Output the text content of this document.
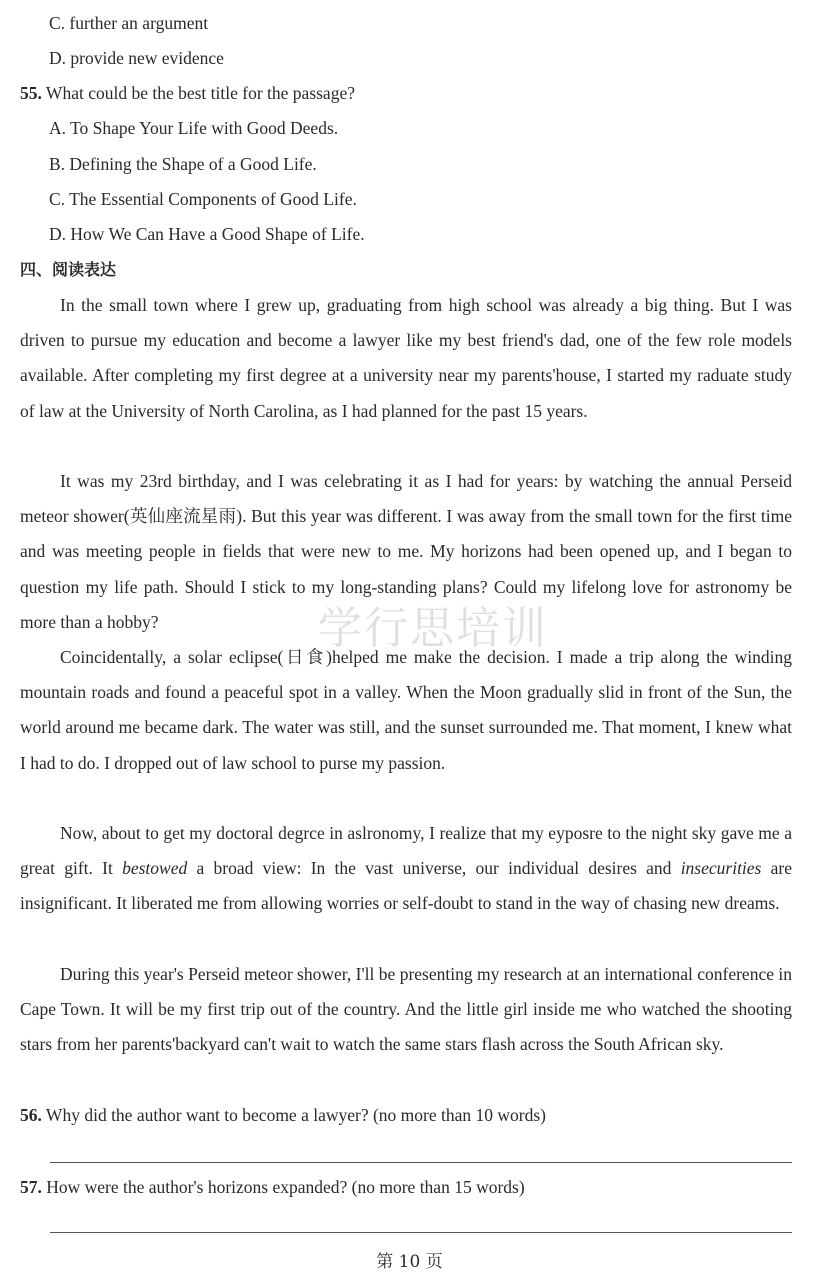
C. further an argument
D. provide new evidence
55. What could be the best title for the passage?
A. To Shape Your Life with Good Deeds.
B. Defining the Shape of a Good Life.
C. The Essential Components of Good Life.
D. How We Can Have a Good Shape of Life.
四、阅读表达

In the small town where I grew up, graduating from high school was already a big thing. But I was driven to pursue my education and become a lawyer like my best friend's dad, one of the few role models available. After completing my first degree at a university near my parents'house, I started my raduate study of law at the University of North Carolina, as I had planned for the past 15 years.

It was my 23rd birthday, and I was celebrating it as I had for years: by watching the annual Perseid meteor shower(英仙座流星雨). But this year was different. I was away from the small town for the first time and was meeting people in fields that were new to me. My horizons had been opened up, and I began to question my life path. Should I stick to my long-standing plans? Could my lifelong love for astronomy be more than a hobby?

Coincidentally, a solar eclipse(日食)helped me make the decision. I made a trip along the winding mountain roads and found a peaceful spot in a valley. When the Moon gradually slid in front of the Sun, the world around me became dark. The water was still, and the sunset surrounded me. That moment, I knew what I had to do. I dropped out of law school to purse my passion.

Now, about to get my doctoral degrce in aslronomy, I realize that my eyposre to the night sky gave me a great gift. It bestowed a broad view: In the vast universe, our individual desires and insecurities are insignificant. It liberated me from allowing worries or self-doubt to stand in the way of chasing new dreams.

During this year's Perseid meteor shower, I'll be presenting my research at an international conference in Cape Town. It will be my first trip out of the country. And the little girl inside me who watched the shooting stars from her parents'backyard can't wait to watch the same stars flash across the South African sky.

56. Why did the author want to become a lawyer? (no more than 10 words)
57. How were the author's horizons expanded? (no more than 15 words)
学行思培训
第 10 页
